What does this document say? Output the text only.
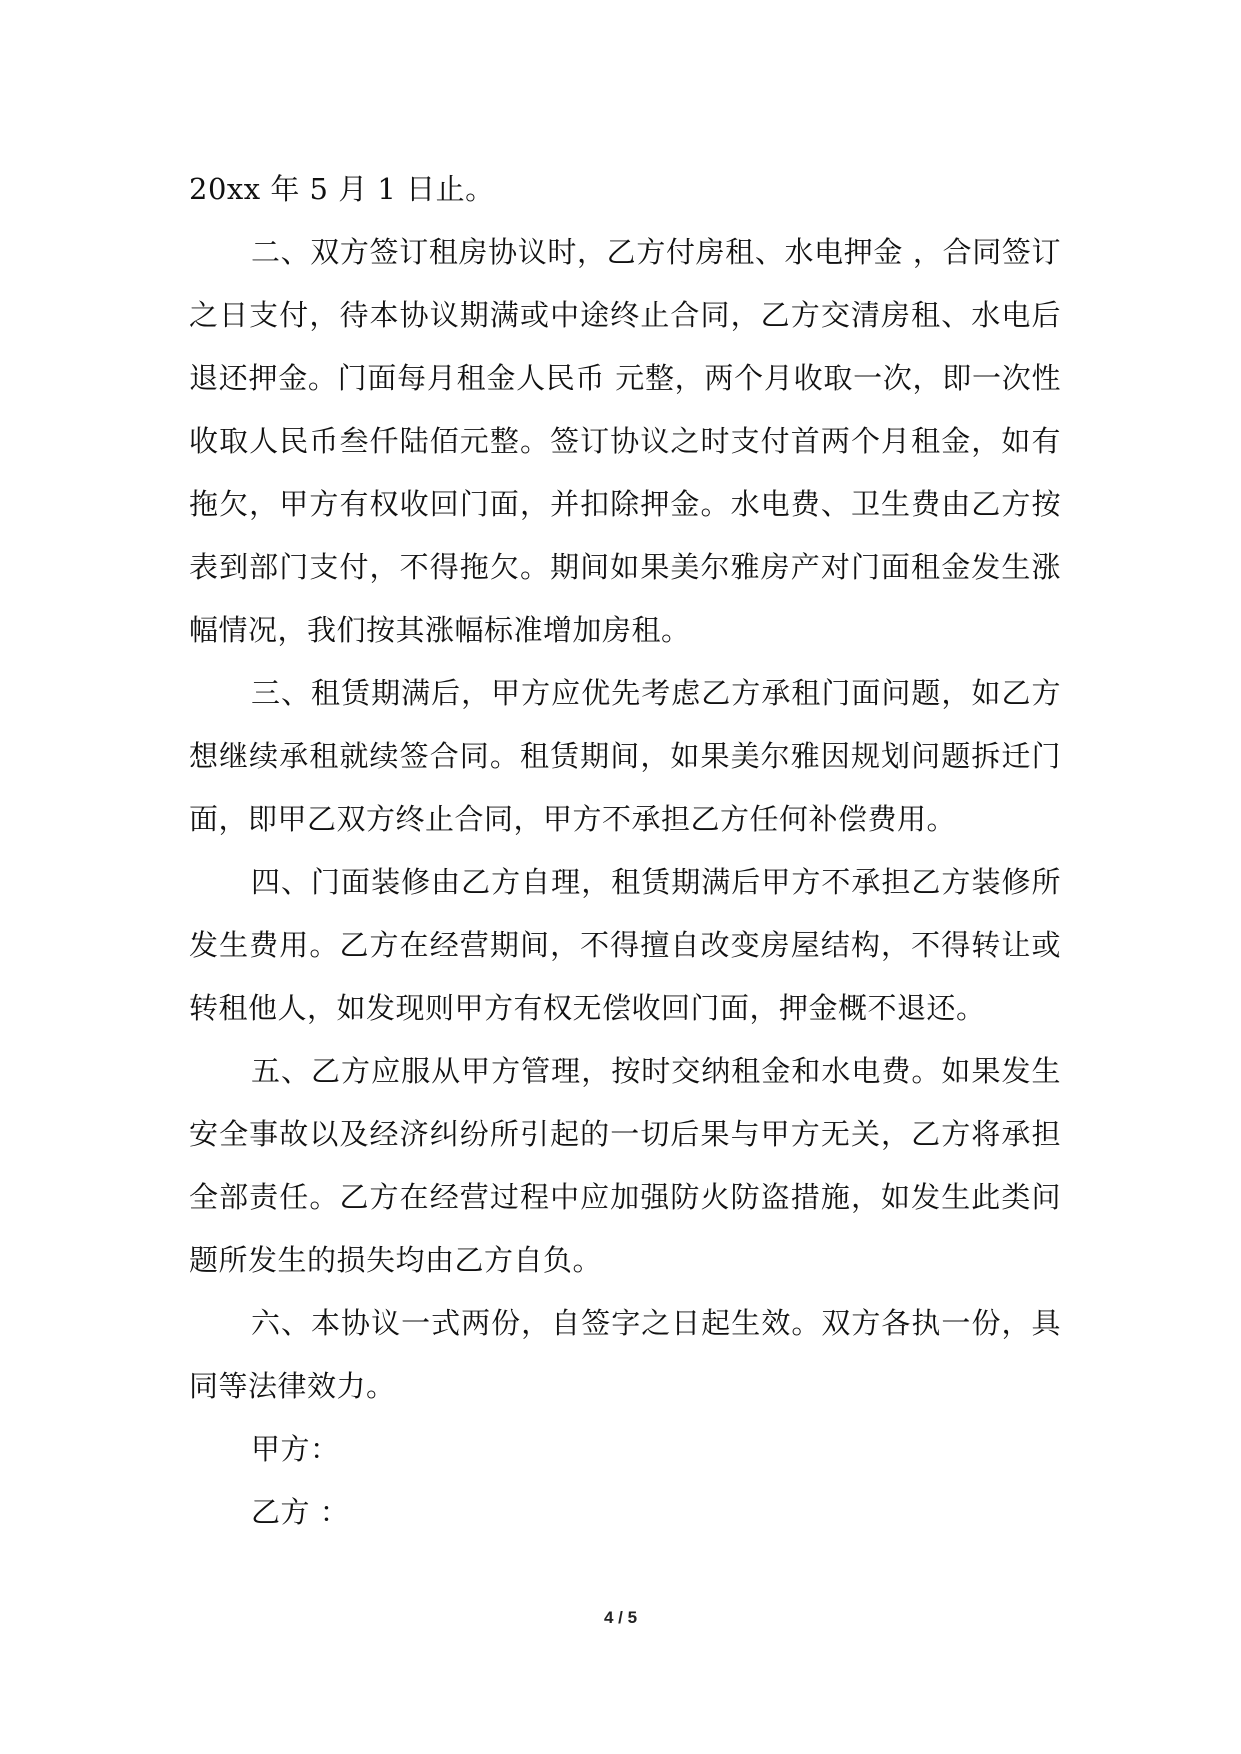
20xx 年 5 月 1 日止。

二、双方签订租房协议时，乙方付房租、水电押金 ，合同签订之日支付，待本协议期满或中途终止合同，乙方交清房租、水电后退还押金。门面每月租金人民币 元整，两个月收取一次，即一次性收取人民币叁仟陆佰元整。签订协议之时支付首两个月租金，如有拖欠，甲方有权收回门面，并扣除押金。水电费、卫生费由乙方按表到部门支付，不得拖欠。期间如果美尔雅房产对门面租金发生涨幅情况，我们按其涨幅标准增加房租。

三、租赁期满后，甲方应优先考虑乙方承租门面问题，如乙方想继续承租就续签合同。租赁期间，如果美尔雅因规划问题拆迁门面，即甲乙双方终止合同，甲方不承担乙方任何补偿费用。

四、门面装修由乙方自理，租赁期满后甲方不承担乙方装修所发生费用。乙方在经营期间，不得擅自改变房屋结构，不得转让或转租他人，如发现则甲方有权无偿收回门面，押金概不退还。

五、乙方应服从甲方管理，按时交纳租金和水电费。如果发生安全事故以及经济纠纷所引起的一切后果与甲方无关，乙方将承担全部责任。乙方在经营过程中应加强防火防盗措施，如发生此类问题所发生的损失均由乙方自负。

六、本协议一式两份，自签字之日起生效。双方各执一份，具同等法律效力。

甲方：

乙方 ：

4 / 5
